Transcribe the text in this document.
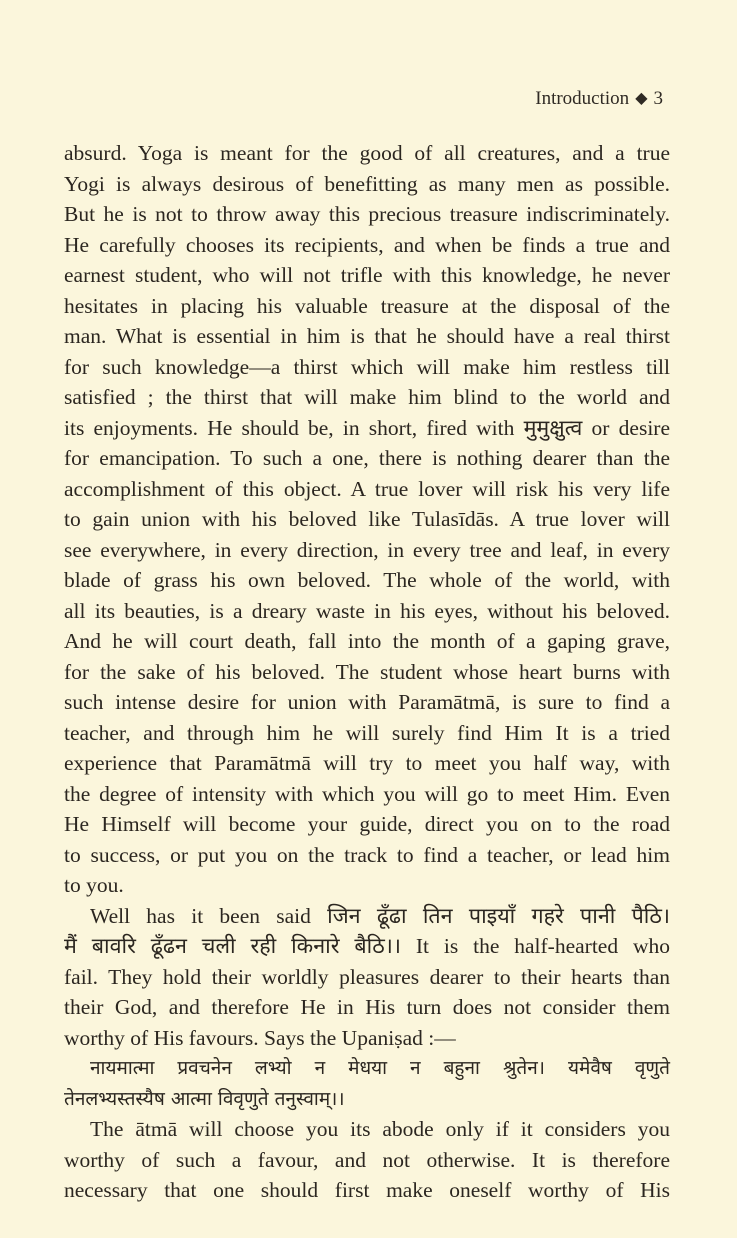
Introduction ◆ 3
absurd. Yoga is meant for the good of all creatures, and a true
Yogi is always desirous of benefitting as many men as possible.
But he is not to throw away this precious treasure indiscriminately.
He carefully chooses its recipients, and when be finds a true and
earnest student, who will not trifle with this knowledge, he never
hesitates in placing his valuable treasure at the disposal of the
man. What is essential in him is that he should have a real thirst
for such knowledge—a thirst which will make him restless till
satisfied ; the thirst that will make him blind to the world and
its enjoyments. He should be, in short, fired with मुमुक्षुत्व or desire
for emancipation. To such a one, there is nothing dearer than the
accomplishment of this object. A true lover will risk his very life
to gain union with his beloved like Tulasīdās. A true lover will
see everywhere, in every direction, in every tree and leaf, in every
blade of grass his own beloved. The whole of the world, with
all its beauties, is a dreary waste in his eyes, without his beloved.
And he will court death, fall into the month of a gaping grave,
for the sake of his beloved. The student whose heart burns with
such intense desire for union with Paramātmā, is sure to find a
teacher, and through him he will surely find Him It is a tried
experience that Paramātmā will try to meet you half way, with
the degree of intensity with which you will go to meet Him. Even
He Himself will become your guide, direct you on to the road
to success, or put you on the track to find a teacher, or lead him
to you.
Well has it been said जिन ढूँढा तिन पाइयाँ गहरे पानी पैठि।
मैं बावरि ढूँढन चली रही किनारे बैठि।। It is the half-hearted who
fail. They hold their worldly pleasures dearer to their hearts than
their God, and therefore He in His turn does not consider them
worthy of His favours. Says the Upaniṣad :—
नायमात्मा प्रवचनेन लभ्यो न मेधया न बहुना श्रुतेन। यमेवैष वृणुते
तेनलभ्यस्तस्यैष आत्मा विवृणुते तनुस्वाम्।।
The ātmā will choose you its abode only if it considers you
worthy of such a favour, and not otherwise. It is therefore
necessary that one should first make oneself worthy of His
